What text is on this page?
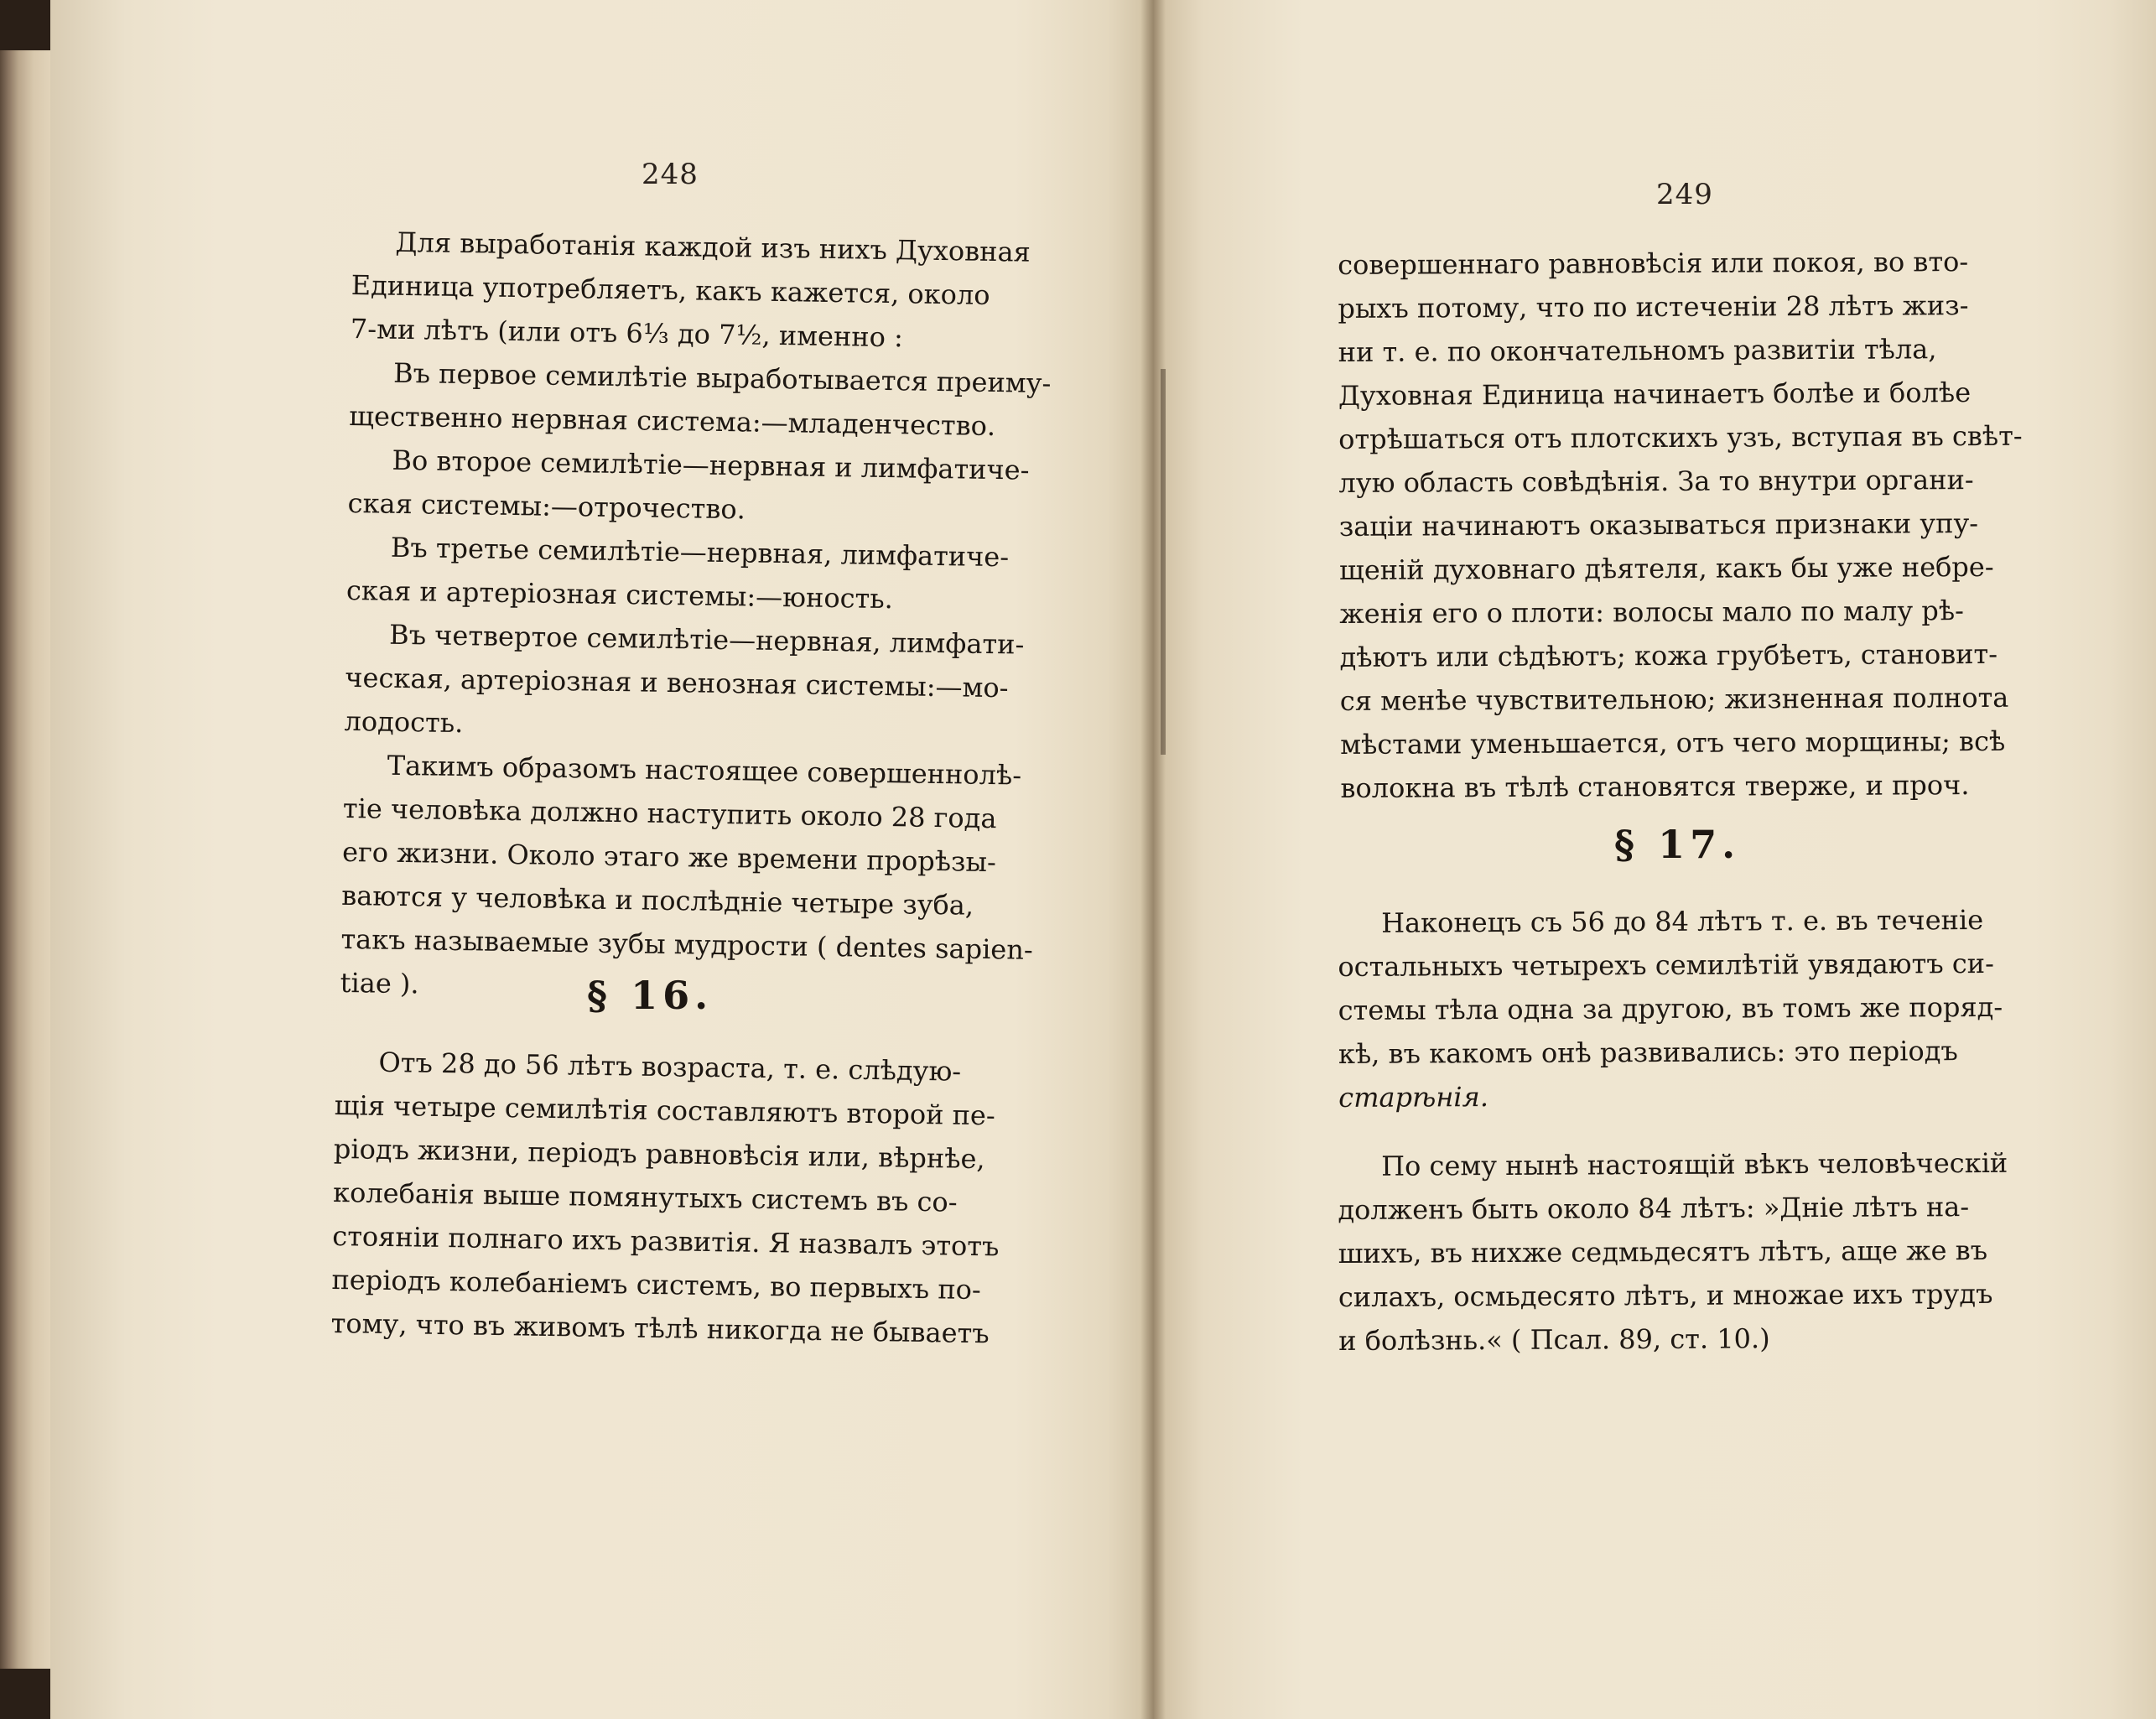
248
Для выработанія каждой изъ нихъ Духовная
Единица употребляетъ, какъ кажется, около
7-ми лѣтъ (или отъ 6⅓ до 7½, именно :
Въ первое семилѣтіе выработывается преиму-
щественно нервная система:—младенчество.
Во второе семилѣтіе—нервная и лимфатиче-
ская системы:—отрочество.
Въ третье семилѣтіе—нервная, лимфатиче-
ская и артеріозная системы:—юность.
Въ четвертое семилѣтіе—нервная, лимфати-
ческая, артеріозная и венозная системы:—мо-
лодость.
Такимъ образомъ настоящее совершеннолѣ-
тіе человѣка должно наступить около 28 года
его жизни. Около этаго же времени прорѣзы-
ваются у человѣка и послѣдніе четыре зуба,
такъ называемые зубы мудрости ( dentes sapien-
tiae ).	§ 16.
Отъ 28 до 56 лѣтъ возраста, т. е. слѣдую-
щія четыре семилѣтія составляютъ второй пе-
ріодъ жизни, періодъ равновѣсія или, вѣрнѣе,
колебанія выше помянутыхъ системъ въ со-
стояніи полнаго ихъ развитія. Я назвалъ этотъ
періодъ колебаніемъ системъ, во первыхъ по-
тому, что въ живомъ тѣлѣ никогда не бываетъ
249
совершеннаго равновѣсія или покоя, во вто-
рыхъ потому, что по истеченіи 28 лѣтъ жиз-
ни т. е. по окончательномъ развитіи тѣла,
Духовная Единица начинаетъ болѣе и болѣе
отрѣшаться отъ плотскихъ узъ, вступая въ свѣт-
лую область совѣдѣнія. За то внутри органи-
заціи начинаютъ оказываться признаки упу-
щеній духовнаго дѣятеля, какъ бы уже небре-
женія его о плоти: волосы мало по малу рѣ-
дѣютъ или сѣдѣютъ; кожа грубѣетъ, становит-
ся менѣе чувствительною; жизненная полнота
мѣстами уменьшается, отъ чего морщины; всѣ
волокна въ тѣлѣ становятся тверже, и проч.
§ 17.
Наконецъ съ 56 до 84 лѣтъ т. е. въ теченіе
остальныхъ четырехъ семилѣтій увядаютъ си-
стемы тѣла одна за другою, въ томъ же поряд-
кѣ, въ какомъ онѣ развивались: это періодъ
старѣнія.
По сему нынѣ настоящій вѣкъ человѣческій
долженъ быть около 84 лѣтъ: »Дніе лѣтъ на-
шихъ, въ нихже седмьдесятъ лѣтъ, аще же въ
силахъ, осмьдесято лѣтъ, и множае ихъ трудъ
и болѣзнь.« ( Псал. 89, ст. 10.)
